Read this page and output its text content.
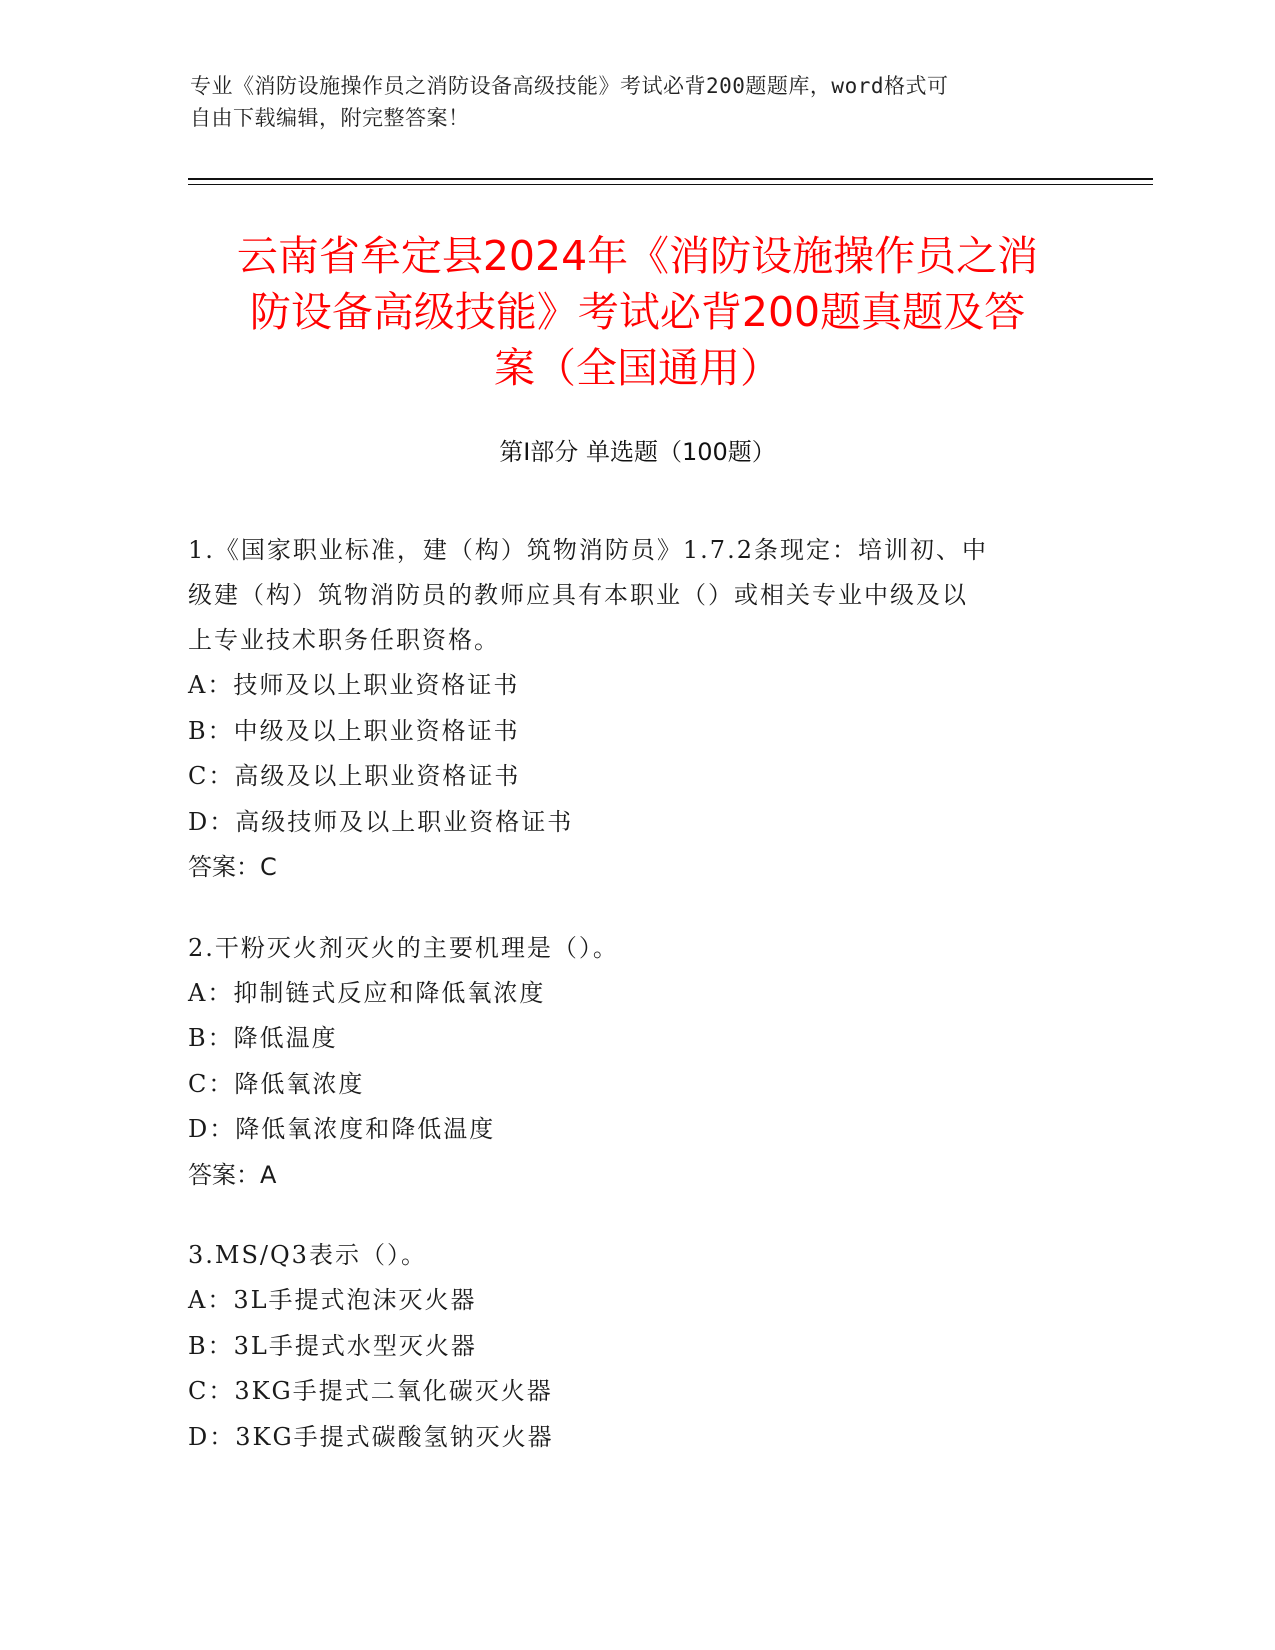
专业《消防设施操作员之消防设备高级技能》考试必背200题题库，word格式可
自由下载编辑，附完整答案！
云南省牟定县2024年《消防设施操作员之消
防设备高级技能》考试必背200题真题及答
案（全国通用）
第Ⅰ部分 单选题（100题）
1.《国家职业标准，建（构）筑物消防员》1.7.2条现定：培训初、中
级建（构）筑物消防员的教师应具有本职业（）或相关专业中级及以
上专业技术职务任职资格。
A：技师及以上职业资格证书
B：中级及以上职业资格证书
C：高级及以上职业资格证书
D：高级技师及以上职业资格证书
答案：C
2.干粉灭火剂灭火的主要机理是（）。
A：抑制链式反应和降低氧浓度
B：降低温度
C：降低氧浓度
D：降低氧浓度和降低温度
答案：A
3.MS/Q3表示（）。
A：3L手提式泡沫灭火器
B：3L手提式水型灭火器
C：3KG手提式二氧化碳灭火器
D：3KG手提式碳酸氢钠灭火器
